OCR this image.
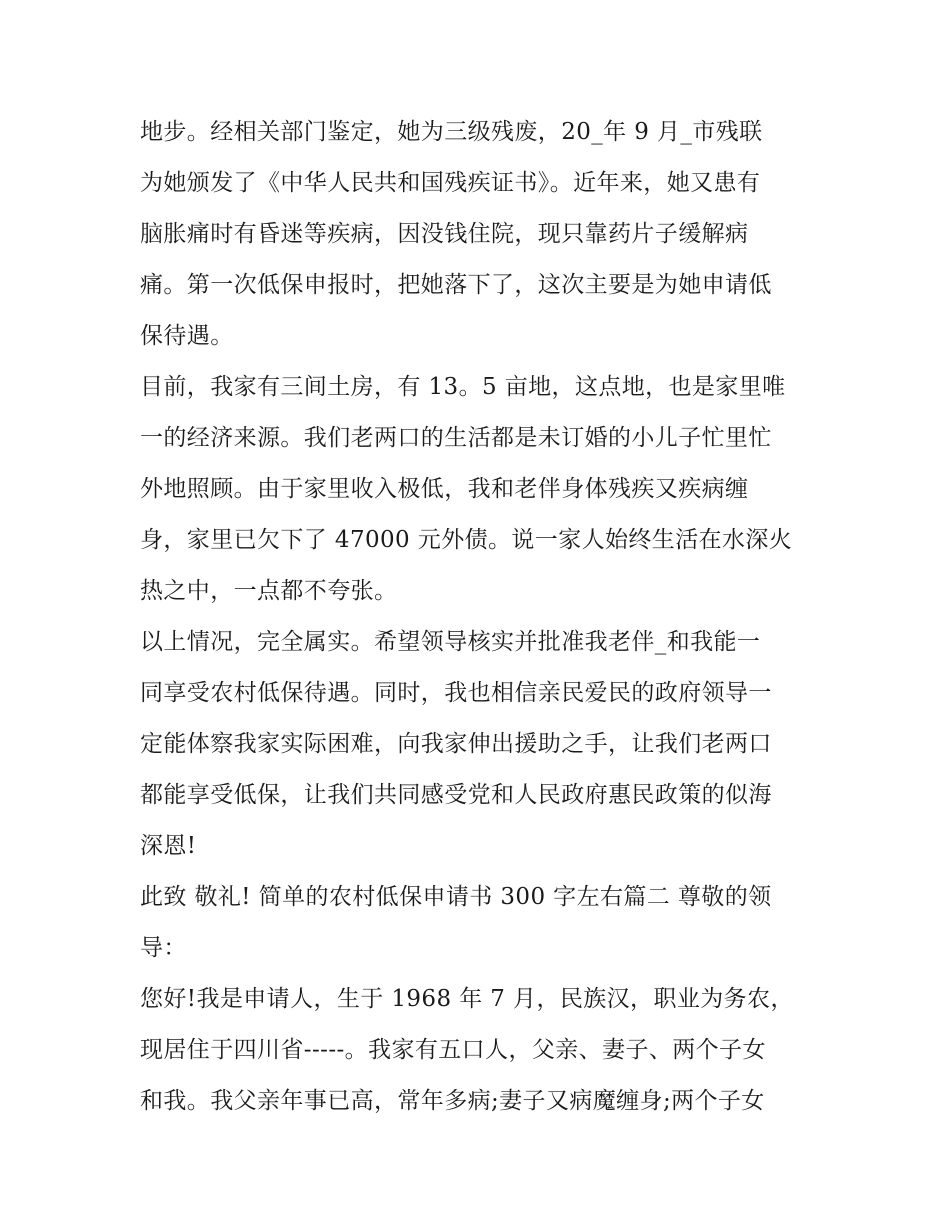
地步。经相关部门鉴定，她为三级残废，20_年 9 月_市残联
为她颁发了《中华人民共和国残疾证书》。近年来，她又患有
脑胀痛时有昏迷等疾病，因没钱住院，现只靠药片子缓解病
痛。第一次低保申报时，把她落下了，这次主要是为她申请低
保待遇。
目前，我家有三间土房，有 13。5 亩地，这点地，也是家里唯
一的经济来源。我们老两口的生活都是未订婚的小儿子忙里忙
外地照顾。由于家里收入极低，我和老伴身体残疾又疾病缠
身，家里已欠下了 47000 元外债。说一家人始终生活在水深火
热之中，一点都不夸张。
以上情况，完全属实。希望领导核实并批准我老伴_和我能一
同享受农村低保待遇。同时，我也相信亲民爱民的政府领导一
定能体察我家实际困难，向我家伸出援助之手，让我们老两口
都能享受低保，让我们共同感受党和人民政府惠民政策的似海
深恩!
此致 敬礼! 简单的农村低保申请书 300 字左右篇二 尊敬的领
导：
您好!我是申请人，生于 1968 年 7 月，民族汉，职业为务农，
现居住于四川省-----。我家有五口人，父亲、妻子、两个子女
和我。我父亲年事已高，常年多病;妻子又病魔缠身;两个子女
